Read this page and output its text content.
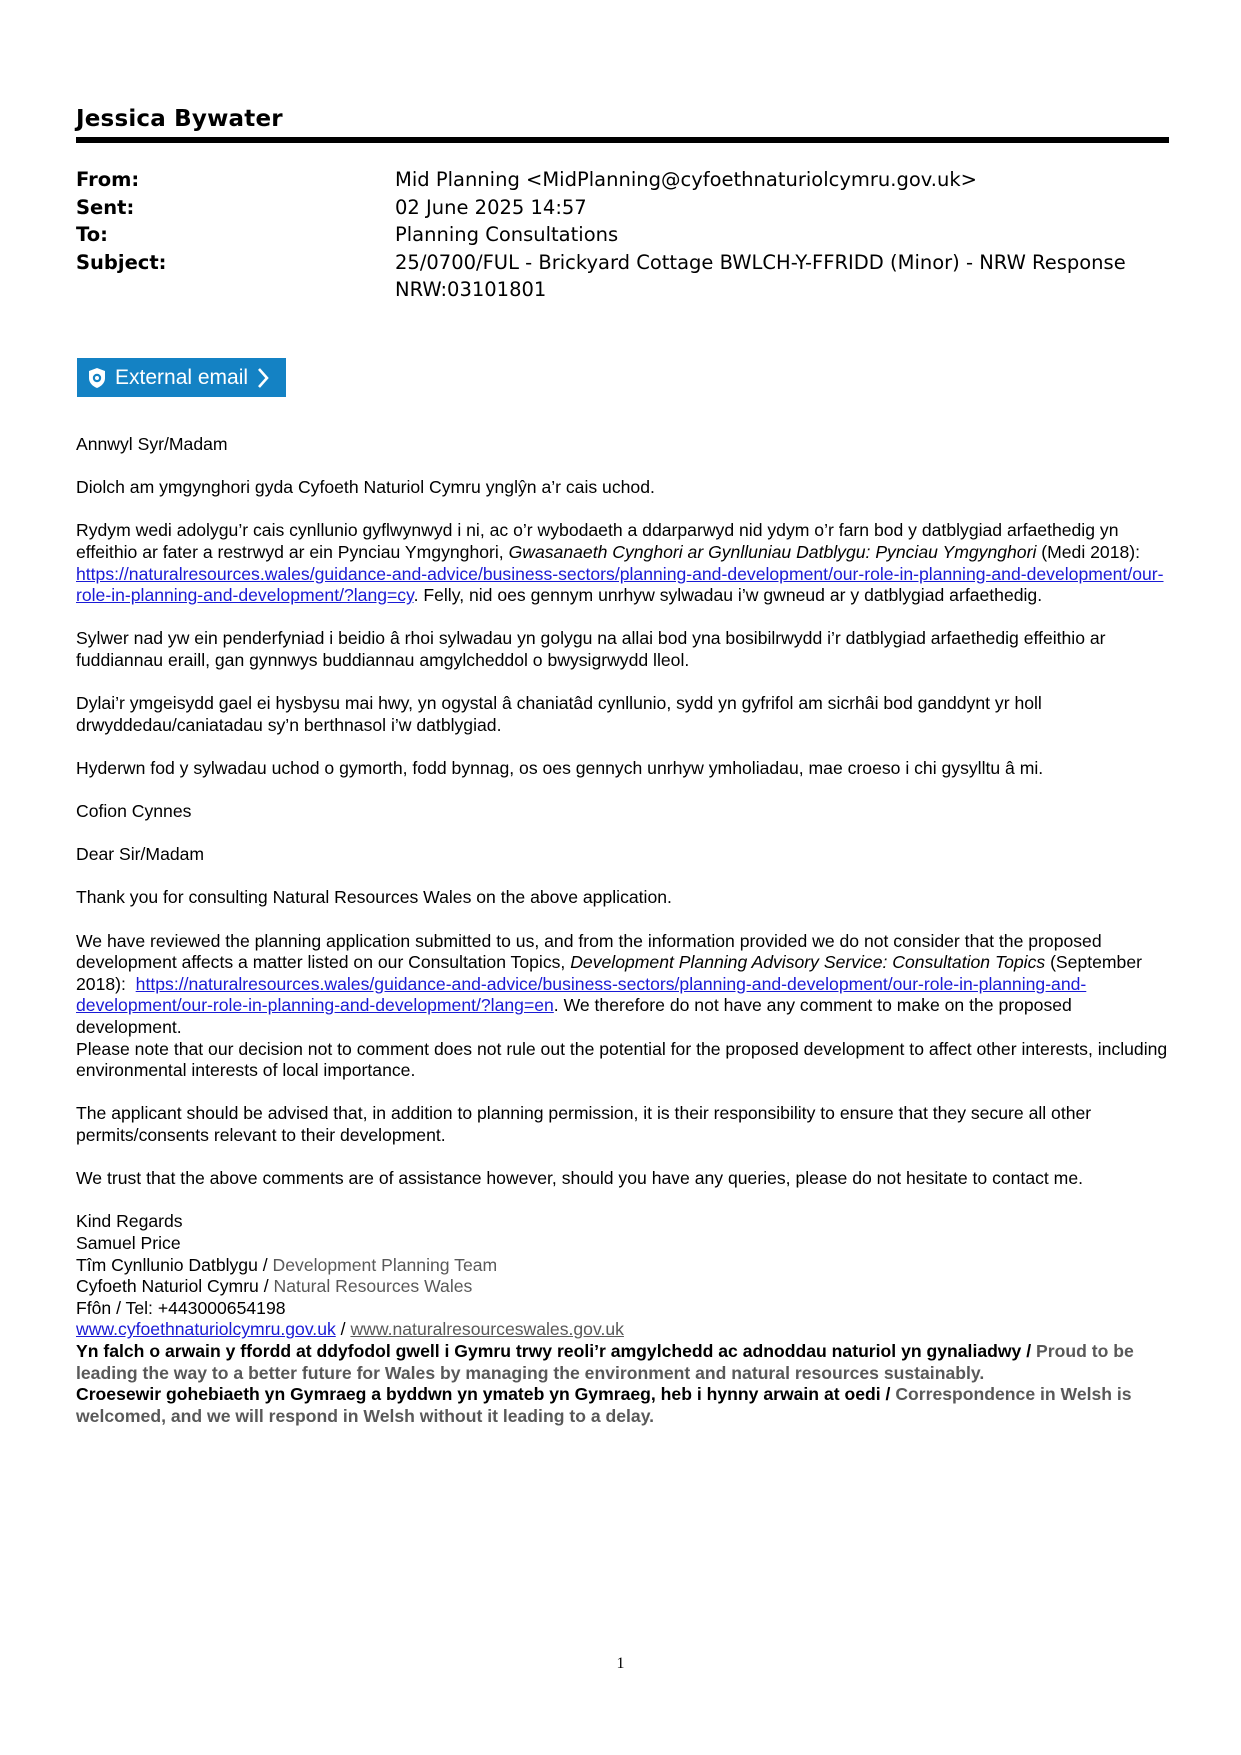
Jessica Bywater
From:	Mid Planning <MidPlanning@cyfoethnaturiolcymru.gov.uk>
Sent:	02 June 2025 14:57
To:	Planning Consultations
Subject:	25/0700/FUL - Brickyard Cottage BWLCH-Y-FFRIDD (Minor) - NRW Response
NRW:03101801
External email

Annwyl Syr/Madam

Diolch am ymgynghori gyda Cyfoeth Naturiol Cymru ynglŷn a’r cais uchod.

Rydym wedi adolygu’r cais cynllunio gyflwynwyd i ni, ac o’r wybodaeth a ddarparwyd nid ydym o’r farn bod y datblygiad arfaethedig yn effeithio ar fater a restrwyd ar ein Pynciau Ymgynghori, Gwasanaeth Cynghori ar Gynlluniau Datblygu: Pynciau Ymgynghori (Medi 2018):  https://naturalresources.wales/guidance-and-advice/business-sectors/planning-and-development/our-role-in-planning-and-development/our-role-in-planning-and-development/?lang=cy. Felly, nid oes gennym unrhyw sylwadau i’w gwneud ar y datblygiad arfaethedig.

Sylwer nad yw ein penderfyniad i beidio â rhoi sylwadau yn golygu na allai bod yna bosibilrwydd i’r datblygiad arfaethedig effeithio ar fuddiannau eraill, gan gynnwys buddiannau amgylcheddol o bwysigrwydd lleol.

Dylai’r ymgeisydd gael ei hysbysu mai hwy, yn ogystal â chaniatâd cynllunio, sydd yn gyfrifol am sicrhâi bod ganddynt yr holl drwyddedau/caniatadau sy’n berthnasol i’w datblygiad.

Hyderwn fod y sylwadau uchod o gymorth, fodd bynnag, os oes gennych unrhyw ymholiadau, mae croeso i chi gysylltu â mi.

Cofion Cynnes

Dear Sir/Madam

Thank you for consulting Natural Resources Wales on the above application.

We have reviewed the planning application submitted to us, and from the information provided we do not consider that the proposed development affects a matter listed on our Consultation Topics, Development Planning Advisory Service: Consultation Topics (September 2018): https://naturalresources.wales/guidance-and-advice/business-sectors/planning-and-development/our-role-in-planning-and-development/our-role-in-planning-and-development/?lang=en. We therefore do not have any comment to make on the proposed development.

Please note that our decision not to comment does not rule out the potential for the proposed development to affect other interests, including environmental interests of local importance.

The applicant should be advised that, in addition to planning permission, it is their responsibility to ensure that they secure all other permits/consents relevant to their development.

We trust that the above comments are of assistance however, should you have any queries, please do not hesitate to contact me.

Kind Regards
Samuel Price
Tîm Cynllunio Datblygu / Development Planning Team
Cyfoeth Naturiol Cymru / Natural Resources Wales
Ffôn / Tel: +443000654198
www.cyfoethnaturiolcymru.gov.uk / www.naturalresourceswales.gov.uk
Yn falch o arwain y ffordd at ddyfodol gwell i Gymru trwy reoli’r amgylchedd ac adnoddau naturiol yn gynaliadwy / Proud to be leading the way to a better future for Wales by managing the environment and natural resources sustainably.
Croesewir gohebiaeth yn Gymraeg a byddwn yn ymateb yn Gymraeg, heb i hynny arwain at oedi / Correspondence in Welsh is welcomed, and we will respond in Welsh without it leading to a delay.
1
